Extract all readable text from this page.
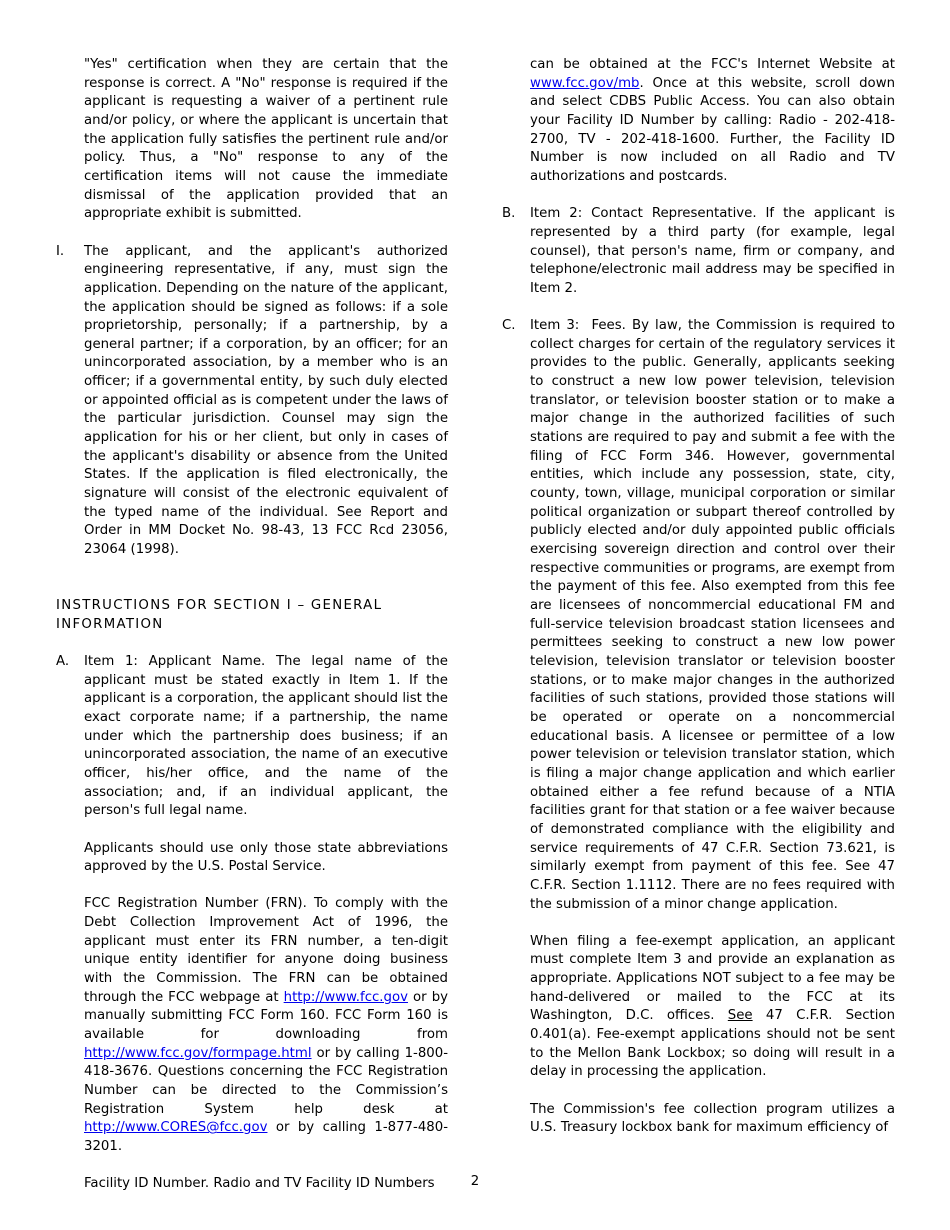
"Yes" certification when they are certain that the response is correct. A "No" response is required if the applicant is requesting a waiver of a pertinent rule and/or policy, or where the applicant is uncertain that the application fully satisfies the pertinent rule and/or policy. Thus, a "No" response to any of the certification items will not cause the immediate dismissal of the application provided that an appropriate exhibit is submitted.

I. The applicant, and the applicant's authorized engineering representative, if any, must sign the application. Depending on the nature of the applicant, the application should be signed as follows: if a sole proprietorship, personally; if a partnership, by a general partner; if a corporation, by an officer; for an unincorporated association, by a member who is an officer; if a governmental entity, by such duly elected or appointed official as is competent under the laws of the particular jurisdiction. Counsel may sign the application for his or her client, but only in cases of the applicant's disability or absence from the United States. If the application is filed electronically, the signature will consist of the electronic equivalent of the typed name of the individual. See Report and Order in MM Docket No. 98-43, 13 FCC Rcd 23056, 23064 (1998).

INSTRUCTIONS FOR SECTION I – GENERAL INFORMATION

A. Item 1: Applicant Name. The legal name of the applicant must be stated exactly in Item 1. If the applicant is a corporation, the applicant should list the exact corporate name; if a partnership, the name under which the partnership does business; if an unincorporated association, the name of an executive officer, his/her office, and the name of the association; and, if an individual applicant, the person's full legal name.

Applicants should use only those state abbreviations approved by the U.S. Postal Service.

FCC Registration Number (FRN). To comply with the Debt Collection Improvement Act of 1996, the applicant must enter its FRN number, a ten-digit unique entity identifier for anyone doing business with the Commission. The FRN can be obtained through the FCC webpage at http://www.fcc.gov or by manually submitting FCC Form 160. FCC Form 160 is available for downloading from http://www.fcc.gov/formpage.html or by calling 1-800-418-3676. Questions concerning the FCC Registration Number can be directed to the Commission’s Registration System help desk at http://www.CORES@fcc.gov or by calling 1-877-480-3201.

Facility ID Number. Radio and TV Facility ID Numbers

can be obtained at the FCC's Internet Website at www.fcc.gov/mb. Once at this website, scroll down and select CDBS Public Access. You can also obtain your Facility ID Number by calling: Radio - 202-418-2700, TV - 202-418-1600. Further, the Facility ID Number is now included on all Radio and TV authorizations and postcards.

B. Item 2: Contact Representative. If the applicant is represented by a third party (for example, legal counsel), that person's name, firm or company, and telephone/electronic mail address may be specified in Item 2.

C. Item 3: Fees. By law, the Commission is required to collect charges for certain of the regulatory services it provides to the public. Generally, applicants seeking to construct a new low power television, television translator, or television booster station or to make a major change in the authorized facilities of such stations are required to pay and submit a fee with the filing of FCC Form 346. However, governmental entities, which include any possession, state, city, county, town, village, municipal corporation or similar political organization or subpart thereof controlled by publicly elected and/or duly appointed public officials exercising sovereign direction and control over their respective communities or programs, are exempt from the payment of this fee. Also exempted from this fee are licensees of noncommercial educational FM and full-service television broadcast station licensees and permittees seeking to construct a new low power television, television translator or television booster stations, or to make major changes in the authorized facilities of such stations, provided those stations will be operated or operate on a noncommercial educational basis. A licensee or permittee of a low power television or television translator station, which is filing a major change application and which earlier obtained either a fee refund because of a NTIA facilities grant for that station or a fee waiver because of demonstrated compliance with the eligibility and service requirements of 47 C.F.R. Section 73.621, is similarly exempt from payment of this fee. See 47 C.F.R. Section 1.1112. There are no fees required with the submission of a minor change application.

When filing a fee-exempt application, an applicant must complete Item 3 and provide an explanation as appropriate. Applications NOT subject to a fee may be hand-delivered or mailed to the FCC at its Washington, D.C. offices. See 47 C.F.R. Section 0.401(a). Fee-exempt applications should not be sent to the Mellon Bank Lockbox; so doing will result in a delay in processing the application.

The Commission's fee collection program utilizes a U.S. Treasury lockbox bank for maximum efficiency of

2
